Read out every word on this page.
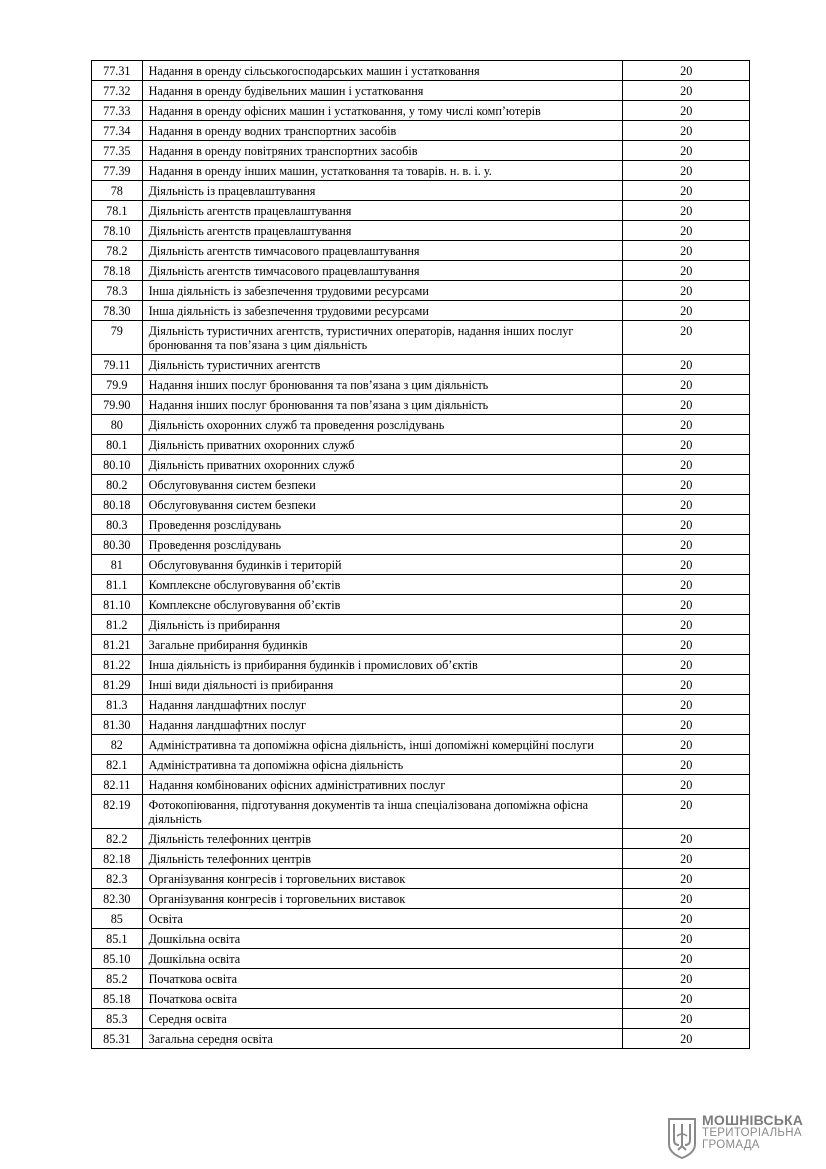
77.31	Надання в оренду сільськогосподарських машин і устатковання	20
77.32	Надання в оренду будівельних машин і устатковання	20
77.33	Надання в оренду офісних машин і устатковання, у тому числі комп’ютерів	20
77.34	Надання в оренду водних транспортних засобів	20
77.35	Надання в оренду повітряних транспортних засобів	20
77.39	Надання в оренду інших машин, устатковання та товарів. н. в. і. у.	20
78	Діяльність із працевлаштування	20
78.1	Діяльність агентств працевлаштування	20
78.10	Діяльність агентств працевлаштування	20
78.2	Діяльність агентств тимчасового працевлаштування	20
78.18	Діяльність агентств тимчасового працевлаштування	20
78.3	Інша діяльність із забезпечення трудовими ресурсами	20
78.30	Інша діяльність із забезпечення трудовими ресурсами	20
79	Діяльність туристичних агентств, туристичних операторів, надання інших послуг бронювання та пов’язана з цим діяльність	20
79.11	Діяльність туристичних агентств	20
79.9	Надання інших послуг бронювання та пов’язана з цим діяльність	20
79.90	Надання інших послуг бронювання та пов’язана з цим діяльність	20
80	Діяльність охоронних служб та проведення розслідувань	20
80.1	Діяльність приватних охоронних служб	20
80.10	Діяльність приватних охоронних служб	20
80.2	Обслуговування систем безпеки	20
80.18	Обслуговування систем безпеки	20
80.3	Проведення розслідувань	20
80.30	Проведення розслідувань	20
81	Обслуговування будинків і територій	20
81.1	Комплексне обслуговування об’єктів	20
81.10	Комплексне обслуговування об’єктів	20
81.2	Діяльність із прибирання	20
81.21	Загальне прибирання будинків	20
81.22	Інша діяльність із прибирання будинків і промислових об’єктів	20
81.29	Інші види діяльності із прибирання	20
81.3	Надання ландшафтних послуг	20
81.30	Надання ландшафтних послуг	20
82	Адміністративна та допоміжна офісна діяльність, інші допоміжні комерційні послуги	20
82.1	Адміністративна та допоміжна офісна діяльність	20
82.11	Надання комбінованих офісних адміністративних послуг	20
82.19	Фотокопіювання, підготування документів та інша спеціалізована допоміжна офісна діяльність	20
82.2	Діяльність телефонних центрів	20
82.18	Діяльність телефонних центрів	20
82.3	Організування конгресів і торговельних виставок	20
82.30	Організування конгресів і торговельних виставок	20
85	Освіта	20
85.1	Дошкільна освіта	20
85.10	Дошкільна освіта	20
85.2	Початкова освіта	20
85.18	Початкова освіта	20
85.3	Середня освіта	20
85.31	Загальна середня освіта	20
МОШНІВСЬКА
ТЕРИТОРІАЛЬНА
ГРОМАДА
